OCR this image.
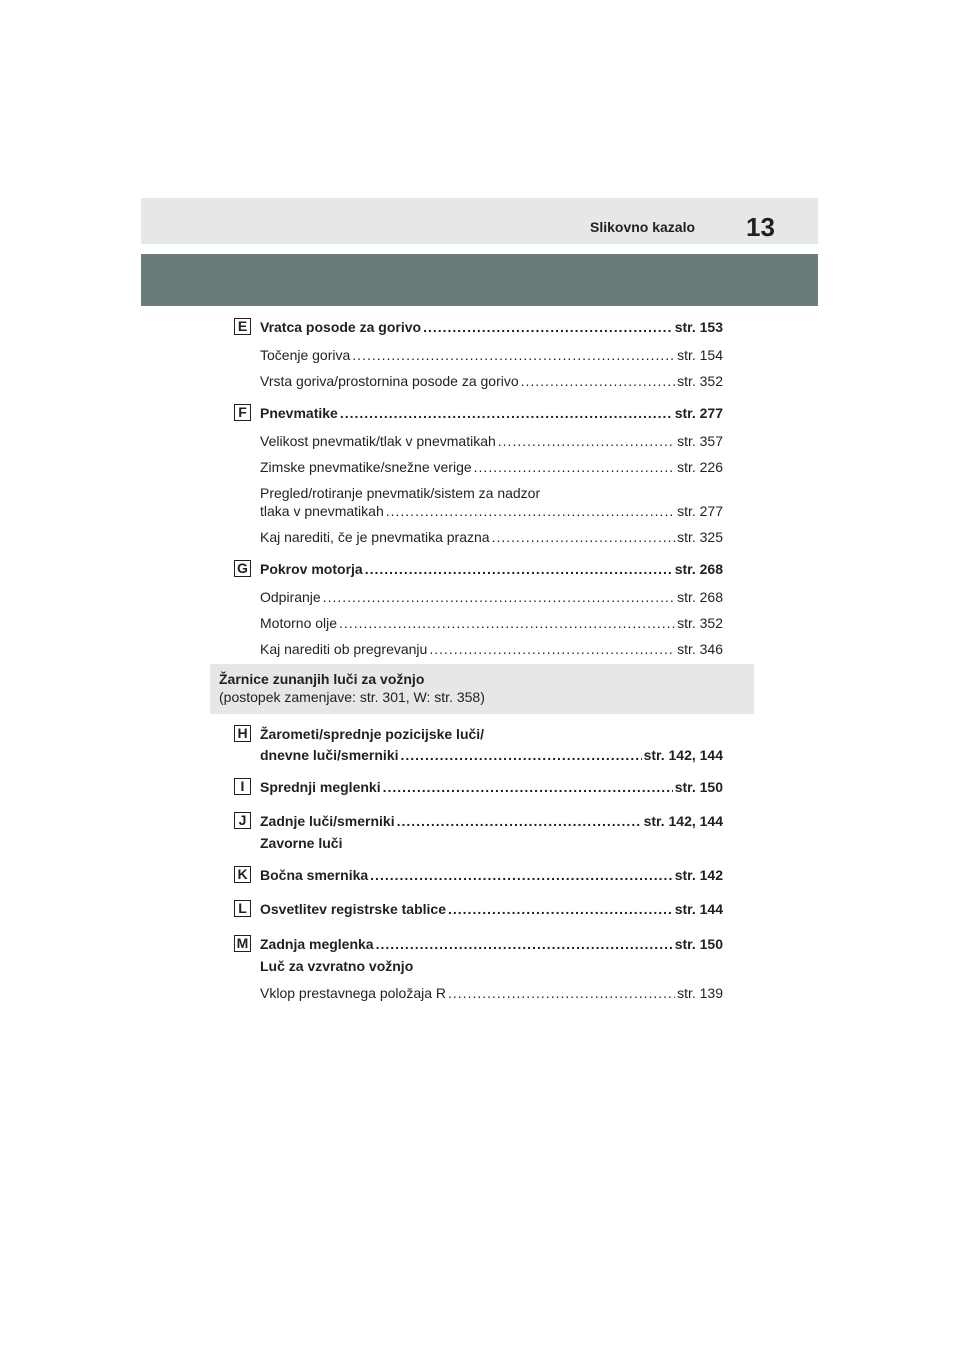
Slikovno kazalo 13
E Vratca posode za gorivo .....	str. 153
Točenje goriva .....	str. 154
Vrsta goriva/prostornina posode za gorivo .....	str. 352
F Pnevmatike .....	str. 277
Velikost pnevmatik/tlak v pnevmatikah .....	str. 357
Zimske pnevmatike/snežne verige .....	str. 226
Pregled/rotiranje pnevmatik/sistem za nadzor
tlaka v pnevmatikah .....	str. 277
Kaj narediti, če je pnevmatika prazna .....	str. 325
G Pokrov motorja .....	str. 268
Odpiranje .....	str. 268
Motorno olje .....	str. 352
Kaj narediti ob pregrevanju .....	str. 346
Žarnice zunanjih luči za vožnjo
(postopek zamenjave: str. 301, W: str. 358)
H Žarometi/sprednje pozicijske luči/
dnevne luči/smerniki .....	str. 142, 144
I	Sprednji meglenki .....	str. 150
J Zadnje luči/smerniki .....	str. 142, 144
Zavorne luči
K Bočna smernika .....	str. 142
L Osvetlitev registrske tablice .....	str. 144
M Zadnja meglenka .....	str. 150
Luč za vzvratno vožnjo
Vklop prestavnega položaja R .....	str. 139
